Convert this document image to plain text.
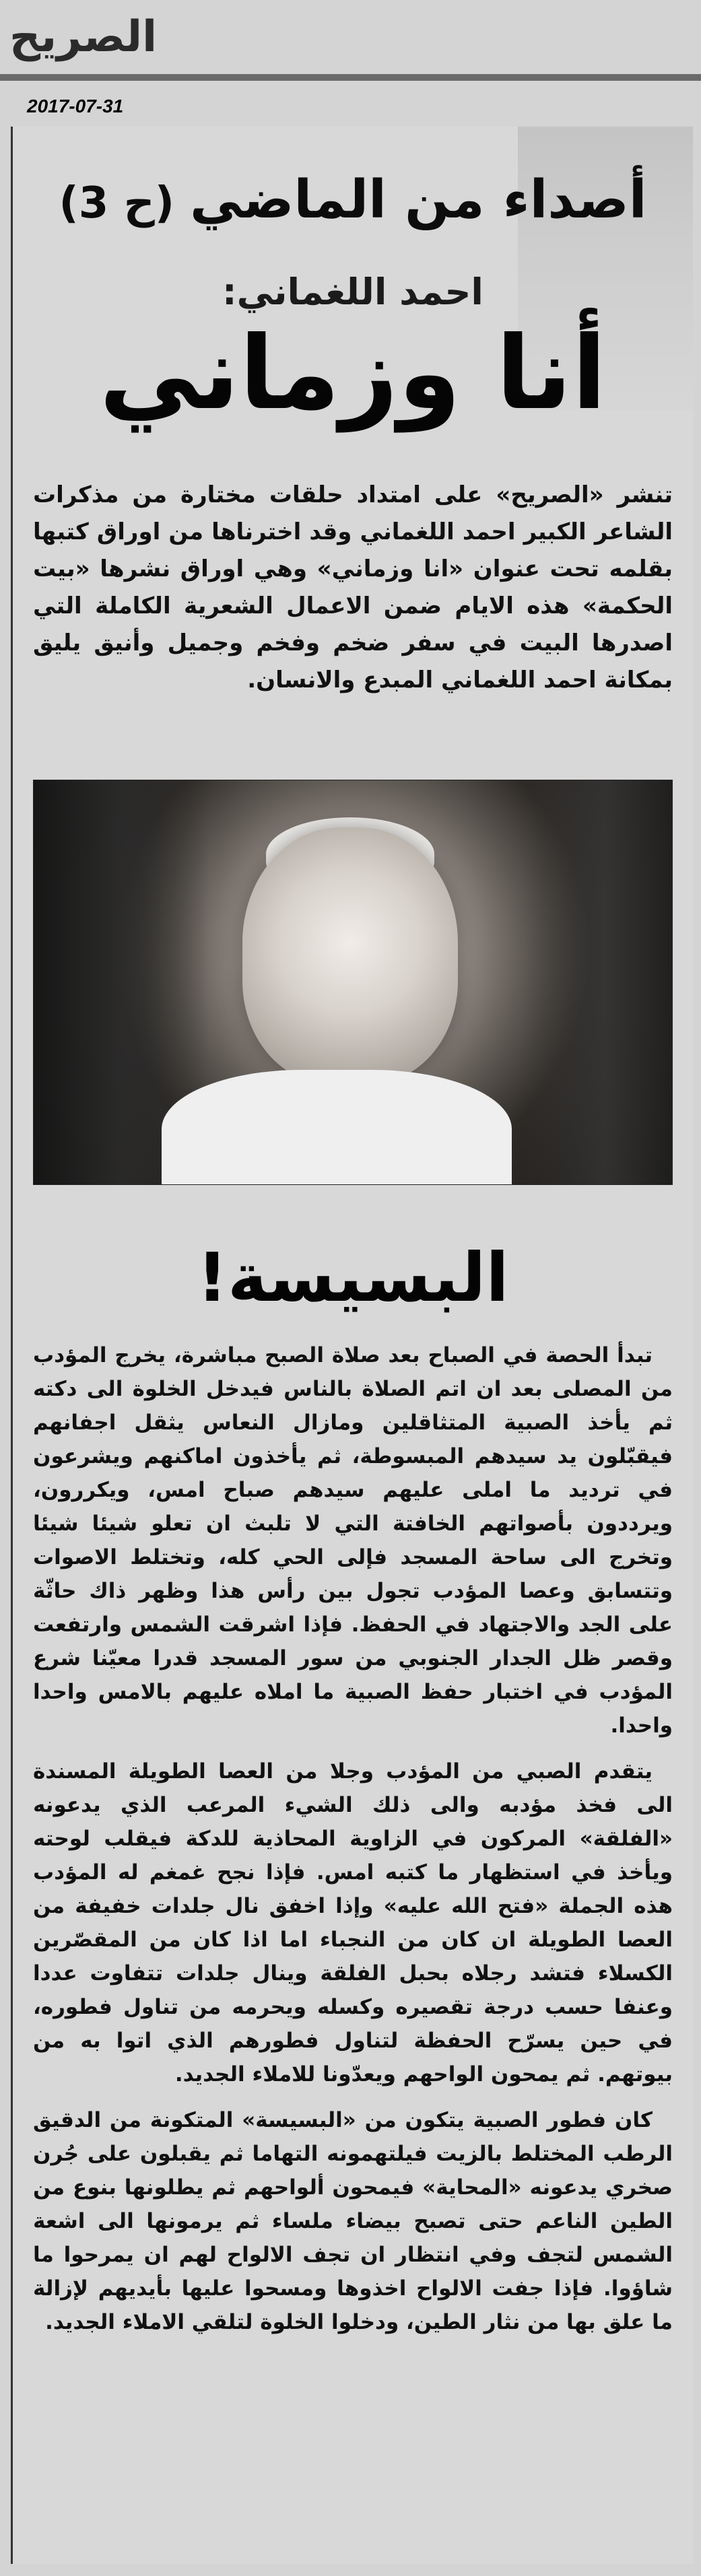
الصريح
2017-07-31
أصداء من الماضي (ح 3)
احمد اللغماني:
أنا وزماني
تنشر «الصريح» على امتداد حلقات مختارة من مذكرات الشاعر الكبير احمد اللغماني وقد اخترناها من اوراق كتبها بقلمه تحت عنوان «انا وزماني» وهي اوراق نشرها «بيت الحكمة» هذه الايام ضمن الاعمال الشعرية الكاملة التي اصدرها البيت في سفر ضخم وفخم وجميل وأنيق يليق بمكانة احمد اللغماني المبدع والانسان.
البسيسة!

تبدأ الحصة في الصباح بعد صلاة الصبح مباشرة، يخرج المؤدب من المصلى بعد ان اتم الصلاة بالناس فيدخل الخلوة الى دكته ثم يأخذ الصبية المتثاقلين ومازال النعاس يثقل اجفانهم فيقبّلون يد سيدهم المبسوطة، ثم يأخذون اماكنهم ويشرعون في ترديد ما املى عليهم سيدهم صباح امس، ويكررون، ويرددون بأصواتهم الخافتة التي لا تلبث ان تعلو شيئا شيئا وتخرج الى ساحة المسجد فإلى الحي كله، وتختلط الاصوات وتتسابق وعصا المؤدب تجول بين رأس هذا وظهر ذاك حاثّة على الجد والاجتهاد في الحفظ. فإذا اشرقت الشمس وارتفعت وقصر ظل الجدار الجنوبي من سور المسجد قدرا معيّنا شرع المؤدب في اختبار حفظ الصبية ما املاه عليهم بالامس واحدا واحدا.

يتقدم الصبي من المؤدب وجلا من العصا الطويلة المسندة الى فخذ مؤدبه والى ذلك الشيء المرعب الذي يدعونه «الفلقة» المركون في الزاوية المحاذية للدكة فيقلب لوحته ويأخذ في استظهار ما كتبه امس. فإذا نجح غمغم له المؤدب هذه الجملة «فتح الله عليه» وإذا اخفق نال جلدات خفيفة من العصا الطويلة ان كان من النجباء اما اذا كان من المقصّرين الكسلاء فتشد رجلاه بحبل الفلقة وينال جلدات تتفاوت عددا وعنفا حسب درجة تقصيره وكسله ويحرمه من تناول فطوره، في حين يسرّح الحفظة لتناول فطورهم الذي اتوا به من بيوتهم. ثم يمحون الواحهم ويعدّونا للاملاء الجديد.

كان فطور الصبية يتكون من «البسيسة» المتكونة من الدقيق الرطب المختلط بالزيت فيلتهمونه التهاما ثم يقبلون على جُرن صخري يدعونه «المحاية» فيمحون ألواحهم ثم يطلونها بنوع من الطين الناعم حتى تصبح بيضاء ملساء ثم يرمونها الى اشعة الشمس لتجف وفي انتظار ان تجف الالواح لهم ان يمرحوا ما شاؤوا. فإذا جفت الالواح اخذوها ومسحوا عليها بأيديهم لإزالة ما علق بها من نثار الطين، ودخلوا الخلوة لتلقي الاملاء الجديد.
